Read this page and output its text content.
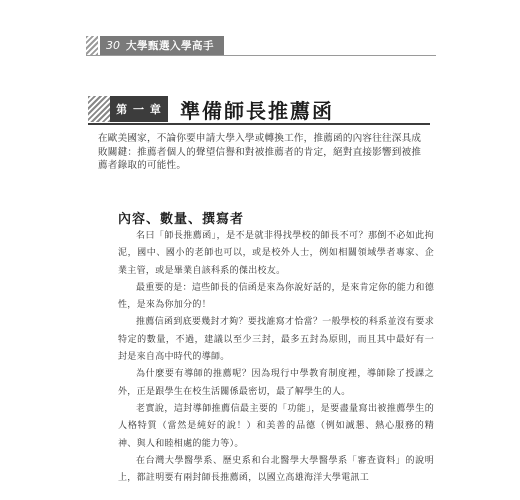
30 大學甄選入學高手
第 一 章 準備師長推薦函
在歐美國家，不論你要申請大學入學或轉換工作，推薦函的內容往往深具成敗關鍵：推薦者個人的聲望信譽和對被推薦者的肯定，絕對直接影響到被推薦者錄取的可能性。
內容、數量、撰寫者

名曰「師長推薦函」，是不是就非得找學校的師長不可？那倒不必如此拘泥，國中、國小的老師也可以，或是校外人士，例如相關領域學者專家、企業主管，或是畢業自該科系的傑出校友。

最重要的是：這些師長的信函是來為你說好話的，是來肯定你的能力和德性，是來為你加分的！

推薦信函到底要幾封才夠？要找誰寫才恰當？一般學校的科系並沒有要求特定的數量，不過，建議以至少三封，最多五封為原則，而且其中最好有一封是來自高中時代的導師。

為什麼要有導師的推薦呢？因為現行中學教育制度裡，導師除了授課之外，正是跟學生在校生活關係最密切，最了解學生的人。

老實說，這封導師推薦信最主要的「功能」，是要盡量寫出被推薦學生的人格特質（當然是純好的說！）和美善的品德（例如誠懇、熱心服務的精神、與人和睦相處的能力等）。

在台灣大學醫學系、歷史系和台北醫學大學醫學系「審查資料」的說明上，都註明要有兩封師長推薦函，以國立高雄海洋大學電訊工
